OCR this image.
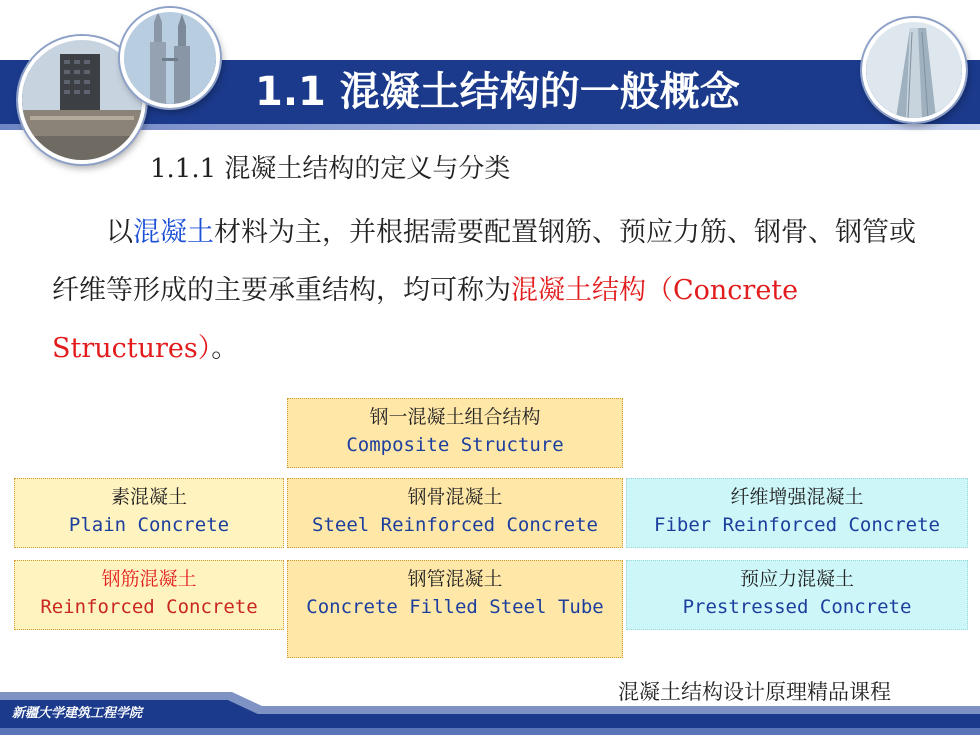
1.1 混凝土结构的一般概念
1.1.1 混凝土结构的定义与分类
以混凝土材料为主，并根据需要配置钢筋、预应力筋、钢骨、钢管或纤维等形成的主要承重结构，均可称为混凝土结构（Concrete Structures）。
钢一混凝土组合结构
Composite Structure
素混凝土
Plain Concrete
钢骨混凝土
Steel Reinforced Concrete
纤维增强混凝土
Fiber Reinforced Concrete
钢筋混凝土
Reinforced Concrete
钢管混凝土
Concrete Filled Steel Tube
预应力混凝土
Prestressed Concrete
混凝土结构设计原理精品课程
新疆大学建筑工程学院
